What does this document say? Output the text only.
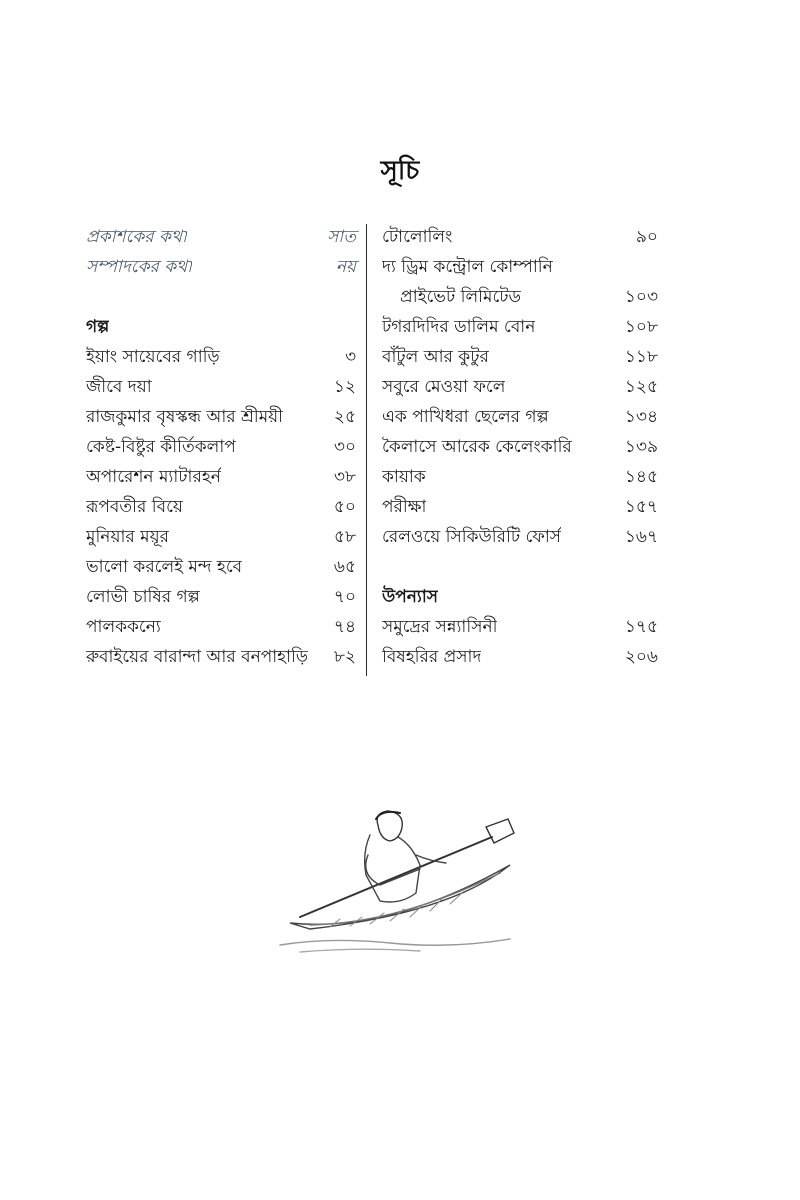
সূচি
প্রকাশকের কথা	সাত
সম্পাদকের কথা	নয়
গল্প
ইয়াং সায়েবের গাড়ি	৩
জীবে দয়া	১২
রাজকুমার বৃষস্কন্ধ আর শ্রীময়ী	২৫
কেষ্ট-বিষ্টুর কীর্তিকলাপ	৩০
অপারেশন ম্যাটারহর্ন	৩৮
রূপবতীর বিয়ে	৫০
মুনিয়ার ময়ূর	৫৮
ভালো করলেই মন্দ হবে	৬৫
লোভী চাষির গল্প	৭০
পালককন্যে	৭৪
রুবাইয়ের বারান্দা আর বনপাহাড়ি	৮২
টোলোলিং	৯০
দ্য ড্রিম কন্ট্রোল কোম্পানি
প্রাইভেট লিমিটেড	১০৩
টগরদিদির ডালিম বোন	১০৮
বাঁটুল আর কুটুর	১১৮
সবুরে মেওয়া ফলে	১২৫
এক পাখিধরা ছেলের গল্প	১৩৪
কৈলাসে আরেক কেলেংকারি	১৩৯
কায়াক	১৪৫
পরীক্ষা	১৫৭
রেলওয়ে সিকিউরিটি ফোর্স	১৬৭
উপন্যাস
সমুদ্রের সন্ন্যাসিনী	১৭৫
বিষহরির প্রসাদ	২০৬
